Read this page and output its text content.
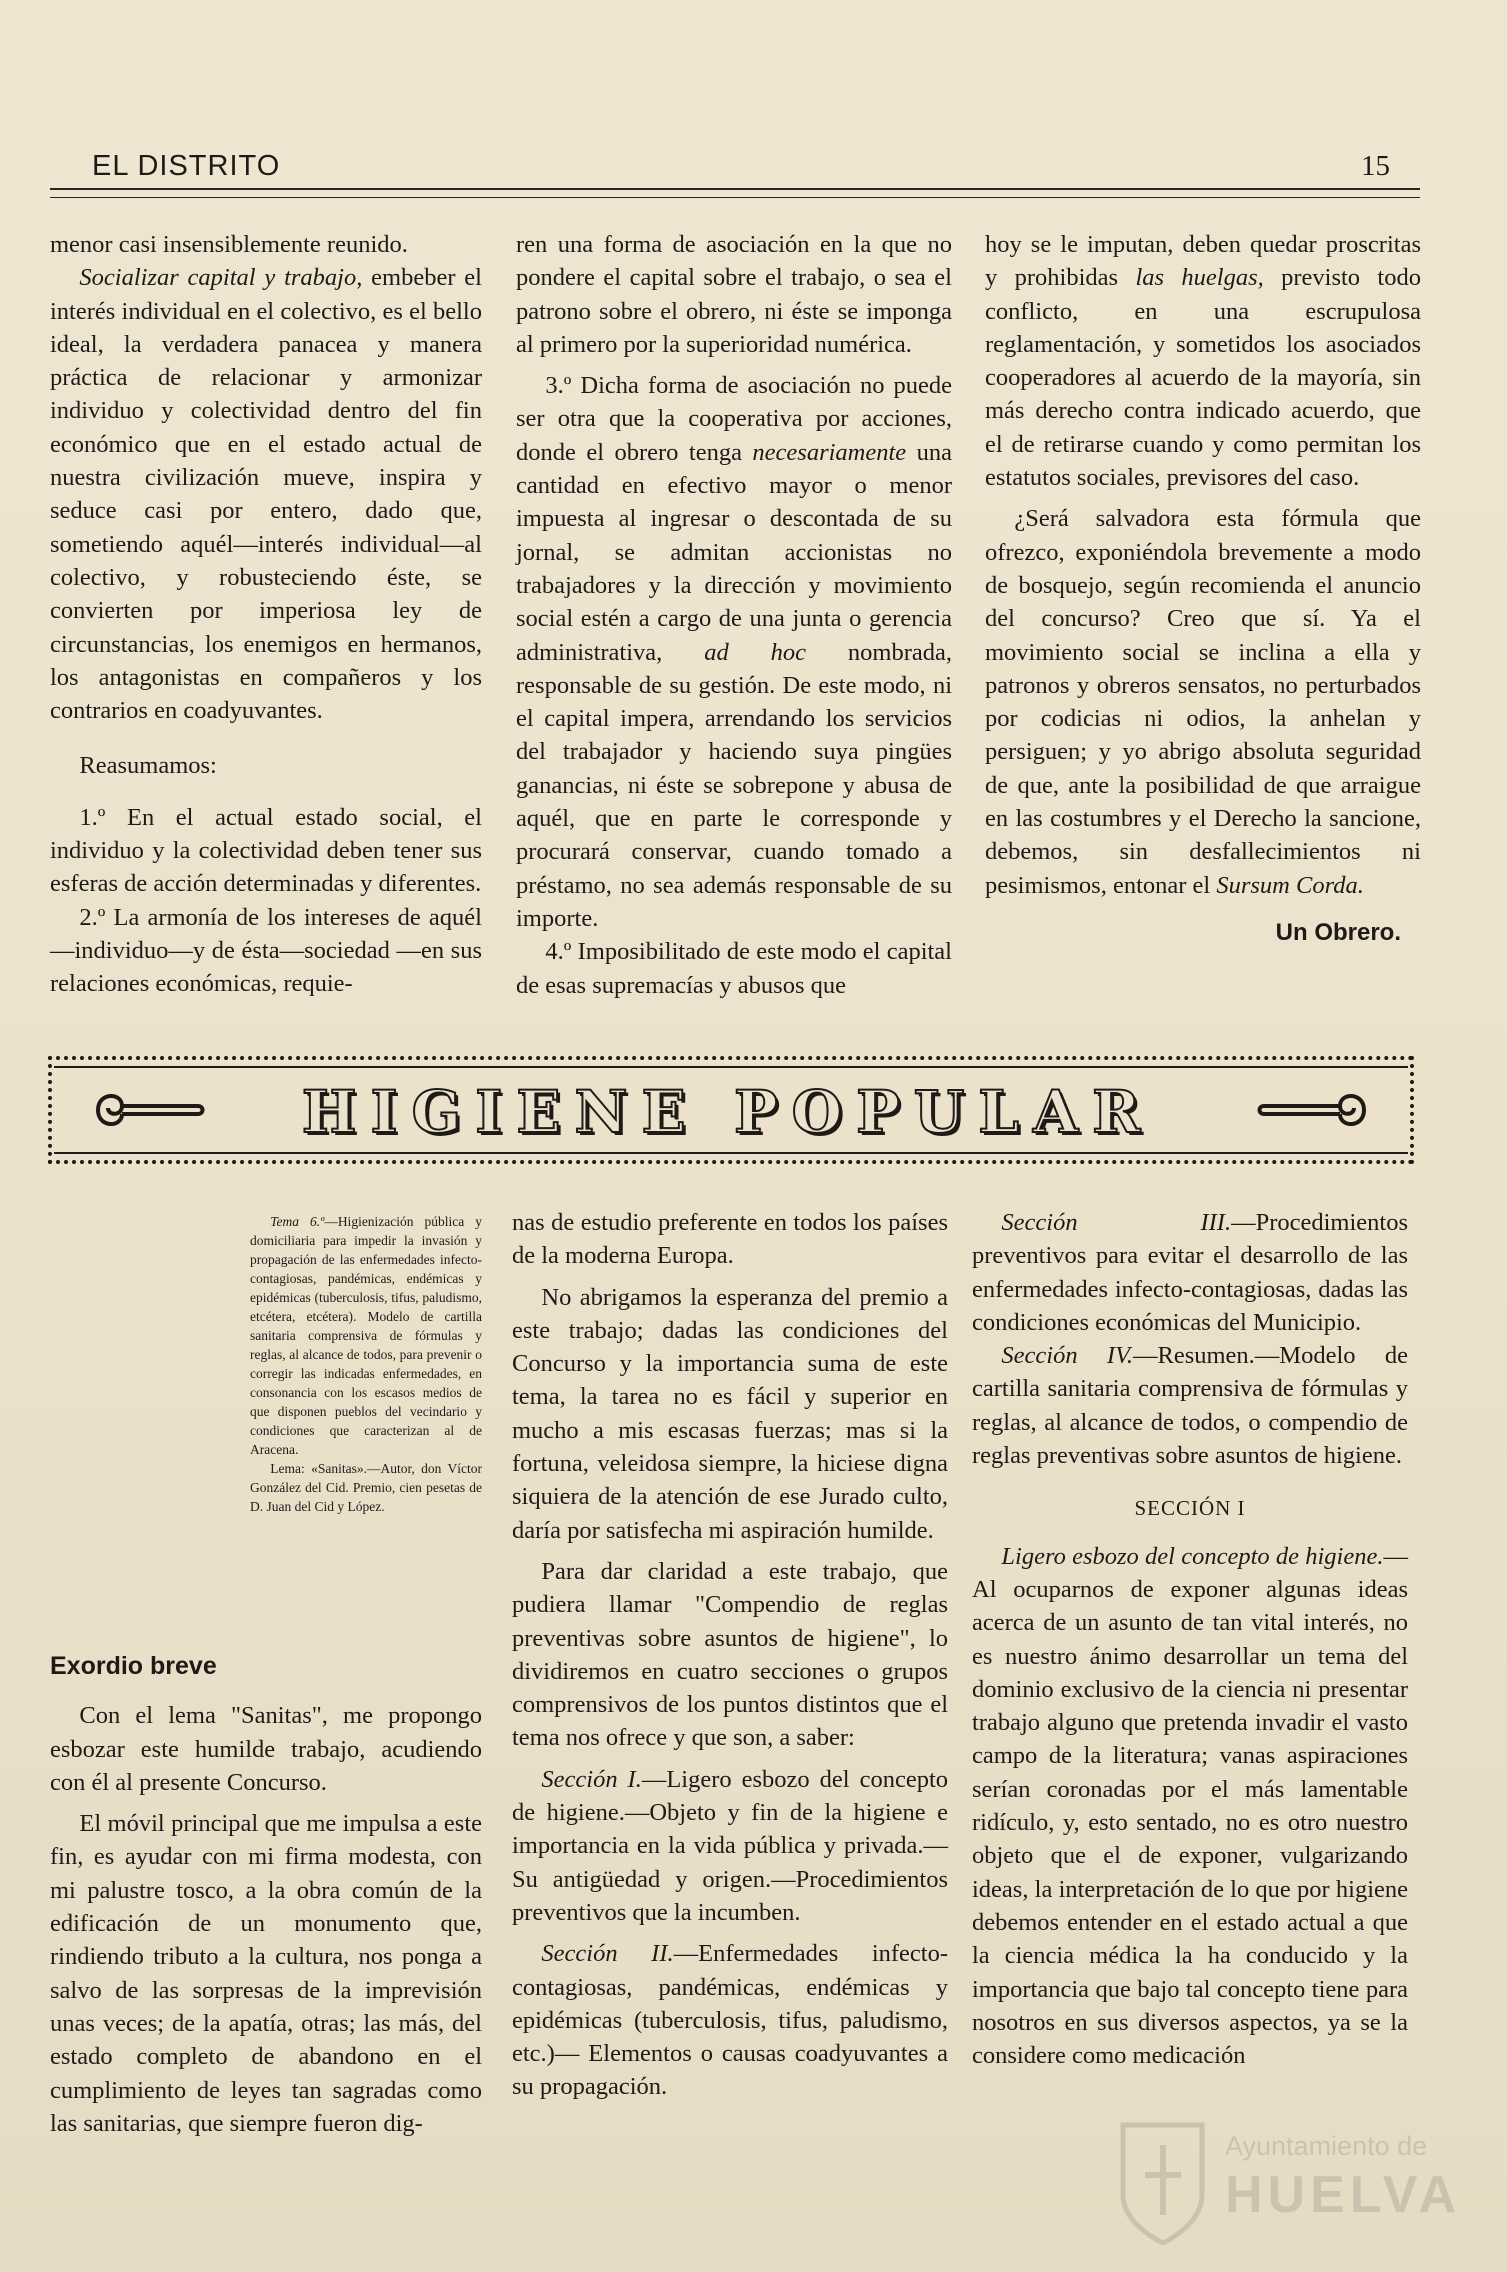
EL DISTRITO	15

menor casi insensiblemente reunido.

Socializar capital y trabajo, embeber el interés individual en el colectivo, es el bello ideal, la verdadera panacea y manera práctica de relacionar y armonizar individuo y colectividad dentro del fin económico que en el estado actual de nuestra civilización mueve, inspira y seduce casi por entero, dado que, sometiendo aquél—interés individual—al colectivo, y robusteciendo éste, se convierten por imperiosa ley de circunstancias, los enemigos en hermanos, los antagonistas en compañeros y los contrarios en coadyuvantes.

Reasumamos:

1.º En el actual estado social, el individuo y la colectividad deben tener sus esferas de acción determinadas y diferentes.

2.º La armonía de los intereses de aquél—individuo—y de ésta—sociedad —en sus relaciones económicas, requie-

ren una forma de asociación en la que no pondere el capital sobre el trabajo, o sea el patrono sobre el obrero, ni éste se imponga al primero por la superioridad numérica.

3.º Dicha forma de asociación no puede ser otra que la cooperativa por acciones, donde el obrero tenga necesariamente una cantidad en efectivo mayor o menor impuesta al ingresar o descontada de su jornal, se admitan accionistas no trabajadores y la dirección y movimiento social estén a cargo de una junta o gerencia administrativa, ad hoc nombrada, responsable de su gestión. De este modo, ni el capital impera, arrendando los servicios del trabajador y haciendo suya pingües ganancias, ni éste se sobrepone y abusa de aquél, que en parte le corresponde y procurará conservar, cuando tomado a préstamo, no sea además responsable de su importe.

4.º Imposibilitado de este modo el capital de esas supremacías y abusos que

hoy se le imputan, deben quedar proscritas y prohibidas las huelgas, previsto todo conflicto, en una escrupulosa reglamentación, y sometidos los asociados cooperadores al acuerdo de la mayoría, sin más derecho contra indicado acuerdo, que el de retirarse cuando y como permitan los estatutos sociales, previsores del caso.

¿Será salvadora esta fórmula que ofrezco, exponiéndola brevemente a modo de bosquejo, según recomienda el anuncio del concurso? Creo que sí. Ya el movimiento social se inclina a ella y patronos y obreros sensatos, no perturbados por codicias ni odios, la anhelan y persiguen; y yo abrigo absoluta seguridad de que, ante la posibilidad de que arraigue en las costumbres y el Derecho la sancione, debemos, sin desfallecimientos ni pesimismos, entonar el Sursum Corda.

Un Obrero.
HIGIENE POPULAR

Tema 6.º—Higienización pública y domiciliaria para impedir la invasión y propagación de las enfermedades infecto-contagiosas, pandémicas, endémicas y epidémicas (tuberculosis, tifus, paludismo, etcétera, etcétera). Modelo de cartilla sanitaria comprensiva de fórmulas y reglas, al alcance de todos, para prevenir o corregir las indicadas enfermedades, en consonancia con los escasos medios de que disponen pueblos del vecindario y condiciones que caracterizan al de Aracena.

Lema: «Sanitas».—Autor, don Víctor González del Cid. Premio, cien pesetas de D. Juan del Cid y López.

Exordio breve

Con el lema "Sanitas", me propongo esbozar este humilde trabajo, acudiendo con él al presente Concurso.

El móvil principal que me impulsa a este fin, es ayudar con mi firma modesta, con mi palustre tosco, a la obra común de la edificación de un monumento que, rindiendo tributo a la cultura, nos ponga a salvo de las sorpresas de la imprevisión unas veces; de la apatía, otras; las más, del estado completo de abandono en el cumplimiento de leyes tan sagradas como las sanitarias, que siempre fueron dig-

nas de estudio preferente en todos los países de la moderna Europa.

No abrigamos la esperanza del premio a este trabajo; dadas las condiciones del Concurso y la importancia suma de este tema, la tarea no es fácil y superior en mucho a mis escasas fuerzas; mas si la fortuna, veleidosa siempre, la hiciese digna siquiera de la atención de ese Jurado culto, daría por satisfecha mi aspiración humilde.

Para dar claridad a este trabajo, que pudiera llamar "Compendio de reglas preventivas sobre asuntos de higiene", lo dividiremos en cuatro secciones o grupos comprensivos de los puntos distintos que el tema nos ofrece y que son, a saber:

Sección I.—Ligero esbozo del concepto de higiene.—Objeto y fin de la higiene e importancia en la vida pública y privada.—Su antigüedad y origen.—Procedimientos preventivos que la incumben.

Sección II.—Enfermedades infecto-contagiosas, pandémicas, endémicas y epidémicas (tuberculosis, tifus, paludismo, etc.)— Elementos o causas coadyuvantes a su propagación.

Sección III.—Procedimientos preventivos para evitar el desarrollo de las enfermedades infecto-contagiosas, dadas las condiciones económicas del Municipio.

Sección IV.—Resumen.—Modelo de cartilla sanitaria comprensiva de fórmulas y reglas, al alcance de todos, o compendio de reglas preventivas sobre asuntos de higiene.

SECCIÓN I

Ligero esbozo del concepto de higiene.—Al ocuparnos de exponer algunas ideas acerca de un asunto de tan vital interés, no es nuestro ánimo desarrollar un tema del dominio exclusivo de la ciencia ni presentar trabajo alguno que pretenda invadir el vasto campo de la literatura; vanas aspiraciones serían coronadas por el más lamentable ridículo, y, esto sentado, no es otro nuestro objeto que el de exponer, vulgarizando ideas, la interpretación de lo que por higiene debemos entender en el estado actual a que la ciencia médica la ha conducido y la importancia que bajo tal concepto tiene para nosotros en sus diversos aspectos, ya se la considere como medicación

Ayuntamiento de
HUELVA
